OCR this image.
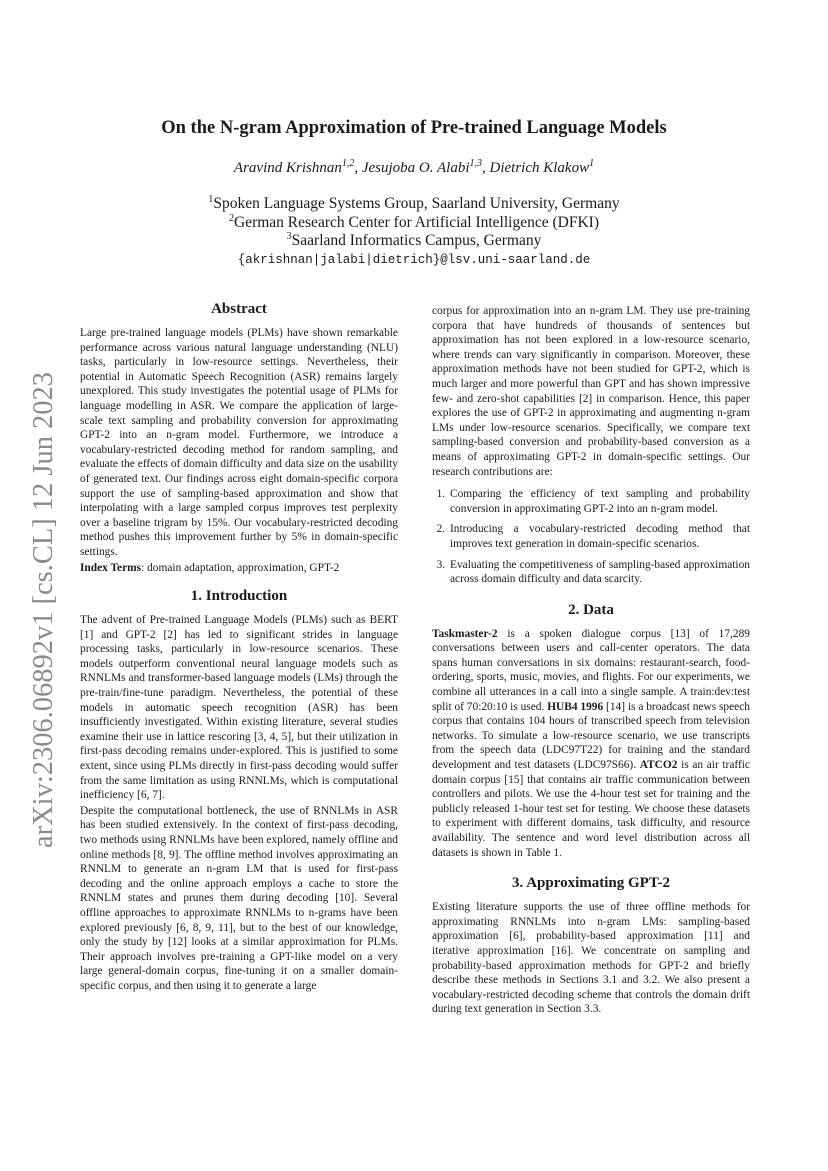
arXiv:2306.06892v1 [cs.CL] 12 Jun 2023
On the N-gram Approximation of Pre-trained Language Models
Aravind Krishnan$^{1,2}$, Jesujoba O. Alabi$^{1,3}$, Dietrich Klakow$^1$
$^1$Spoken Language Systems Group, Saarland University, Germany
$^2$German Research Center for Artificial Intelligence (DFKI)
$^3$Saarland Informatics Campus, Germany
{akrishnan|jalabi|dietrich}@lsv.uni-saarland.de
Abstract

Large pre-trained language models (PLMs) have shown remarkable performance across various natural language understanding (NLU) tasks, particularly in low-resource settings. Nevertheless, their potential in Automatic Speech Recognition (ASR) remains largely unexplored. This study investigates the potential usage of PLMs for language modelling in ASR. We compare the application of large-scale text sampling and probability conversion for approximating GPT-2 into an n-gram model. Furthermore, we introduce a vocabulary-restricted decoding method for random sampling, and evaluate the effects of domain difficulty and data size on the usability of generated text. Our findings across eight domain-specific corpora support the use of sampling-based approximation and show that interpolating with a large sampled corpus improves test perplexity over a baseline trigram by 15%. Our vocabulary-restricted decoding method pushes this improvement further by 5% in domain-specific settings.

Index Terms: domain adaptation, approximation, GPT-2

1. Introduction

The advent of Pre-trained Language Models (PLMs) such as BERT [1] and GPT-2 [2] has led to significant strides in language processing tasks, particularly in low-resource scenarios. These models outperform conventional neural language models such as RNNLMs and transformer-based language models (LMs) through the pre-train/fine-tune paradigm. Nevertheless, the potential of these models in automatic speech recognition (ASR) has been insufficiently investigated. Within existing literature, several studies examine their use in lattice rescoring [3, 4, 5], but their utilization in first-pass decoding remains under-explored. This is justified to some extent, since using PLMs directly in first-pass decoding would suffer from the same limitation as using RNNLMs, which is computational inefficiency [6, 7].

Despite the computational bottleneck, the use of RNNLMs in ASR has been studied extensively. In the context of first-pass decoding, two methods using RNNLMs have been explored, namely offline and online methods [8, 9]. The offline method involves approximating an RNNLM to generate an n-gram LM that is used for first-pass decoding and the online approach employs a cache to store the RNNLM states and prunes them during decoding [10]. Several offline approaches to approximate RNNLMs to n-grams have been explored previously [6, 8, 9, 11], but to the best of our knowledge, only the study by [12] looks at a similar approximation for PLMs. Their approach involves pre-training a GPT-like model on a very large general-domain corpus, fine-tuning it on a smaller domain-specific corpus, and then using it to generate a large

corpus for approximation into an n-gram LM. They use pre-training corpora that have hundreds of thousands of sentences but approximation has not been explored in a low-resource scenario, where trends can vary significantly in comparison. Moreover, these approximation methods have not been studied for GPT-2, which is much larger and more powerful than GPT and has shown impressive few- and zero-shot capabilities [2] in comparison. Hence, this paper explores the use of GPT-2 in approximating and augmenting n-gram LMs under low-resource scenarios. Specifically, we compare text sampling-based conversion and probability-based conversion as a means of approximating GPT-2 in domain-specific settings. Our research contributions are:

1. Comparing the efficiency of text sampling and probability conversion in approximating GPT-2 into an n-gram model.
2. Introducing a vocabulary-restricted decoding method that improves text generation in domain-specific scenarios.
3. Evaluating the competitiveness of sampling-based approximation across domain difficulty and data scarcity.
2. Data

Taskmaster-2 is a spoken dialogue corpus [13] of 17,289 conversations between users and call-center operators. The data spans human conversations in six domains: restaurant-search, food-ordering, sports, music, movies, and flights. For our experiments, we combine all utterances in a call into a single sample. A train:dev:test split of 70:20:10 is used. HUB4 1996 [14] is a broadcast news speech corpus that contains 104 hours of transcribed speech from television networks. To simulate a low-resource scenario, we use transcripts from the speech data (LDC97T22) for training and the standard development and test datasets (LDC97S66). ATCO2 is an air traffic domain corpus [15] that contains air traffic communication between controllers and pilots. We use the 4-hour test set for training and the publicly released 1-hour test set for testing. We choose these datasets to experiment with different domains, task difficulty, and resource availability. The sentence and word level distribution across all datasets is shown in Table 1.

3. Approximating GPT-2

Existing literature supports the use of three offline methods for approximating RNNLMs into n-gram LMs: sampling-based approximation [6], probability-based approximation [11] and iterative approximation [16]. We concentrate on sampling and probability-based approximation methods for GPT-2 and briefly describe these methods in Sections 3.1 and 3.2. We also present a vocabulary-restricted decoding scheme that controls the domain drift during text generation in Section 3.3.
